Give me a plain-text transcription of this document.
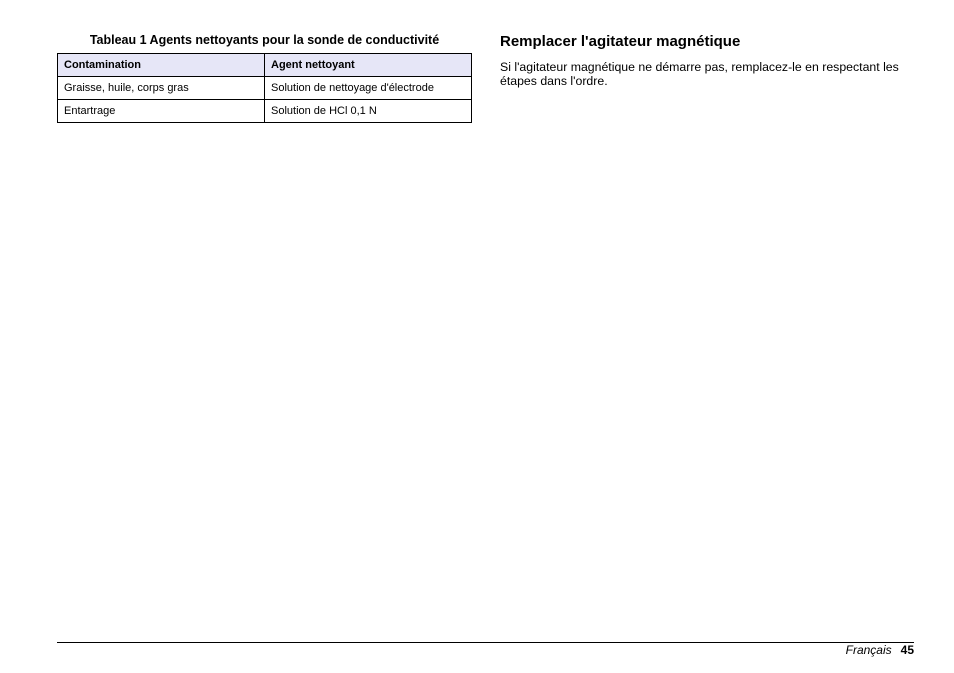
Tableau 1 Agents nettoyants pour la sonde de conductivité
Contamination	Agent nettoyant
Graisse, huile, corps gras	Solution de nettoyage d'électrode
Entartrage	Solution de HCl 0,1 N
Remplacer l'agitateur magnétique

Si l'agitateur magnétique ne démarre pas, remplacez-le en respectant les étapes dans l'ordre.

Français 45
